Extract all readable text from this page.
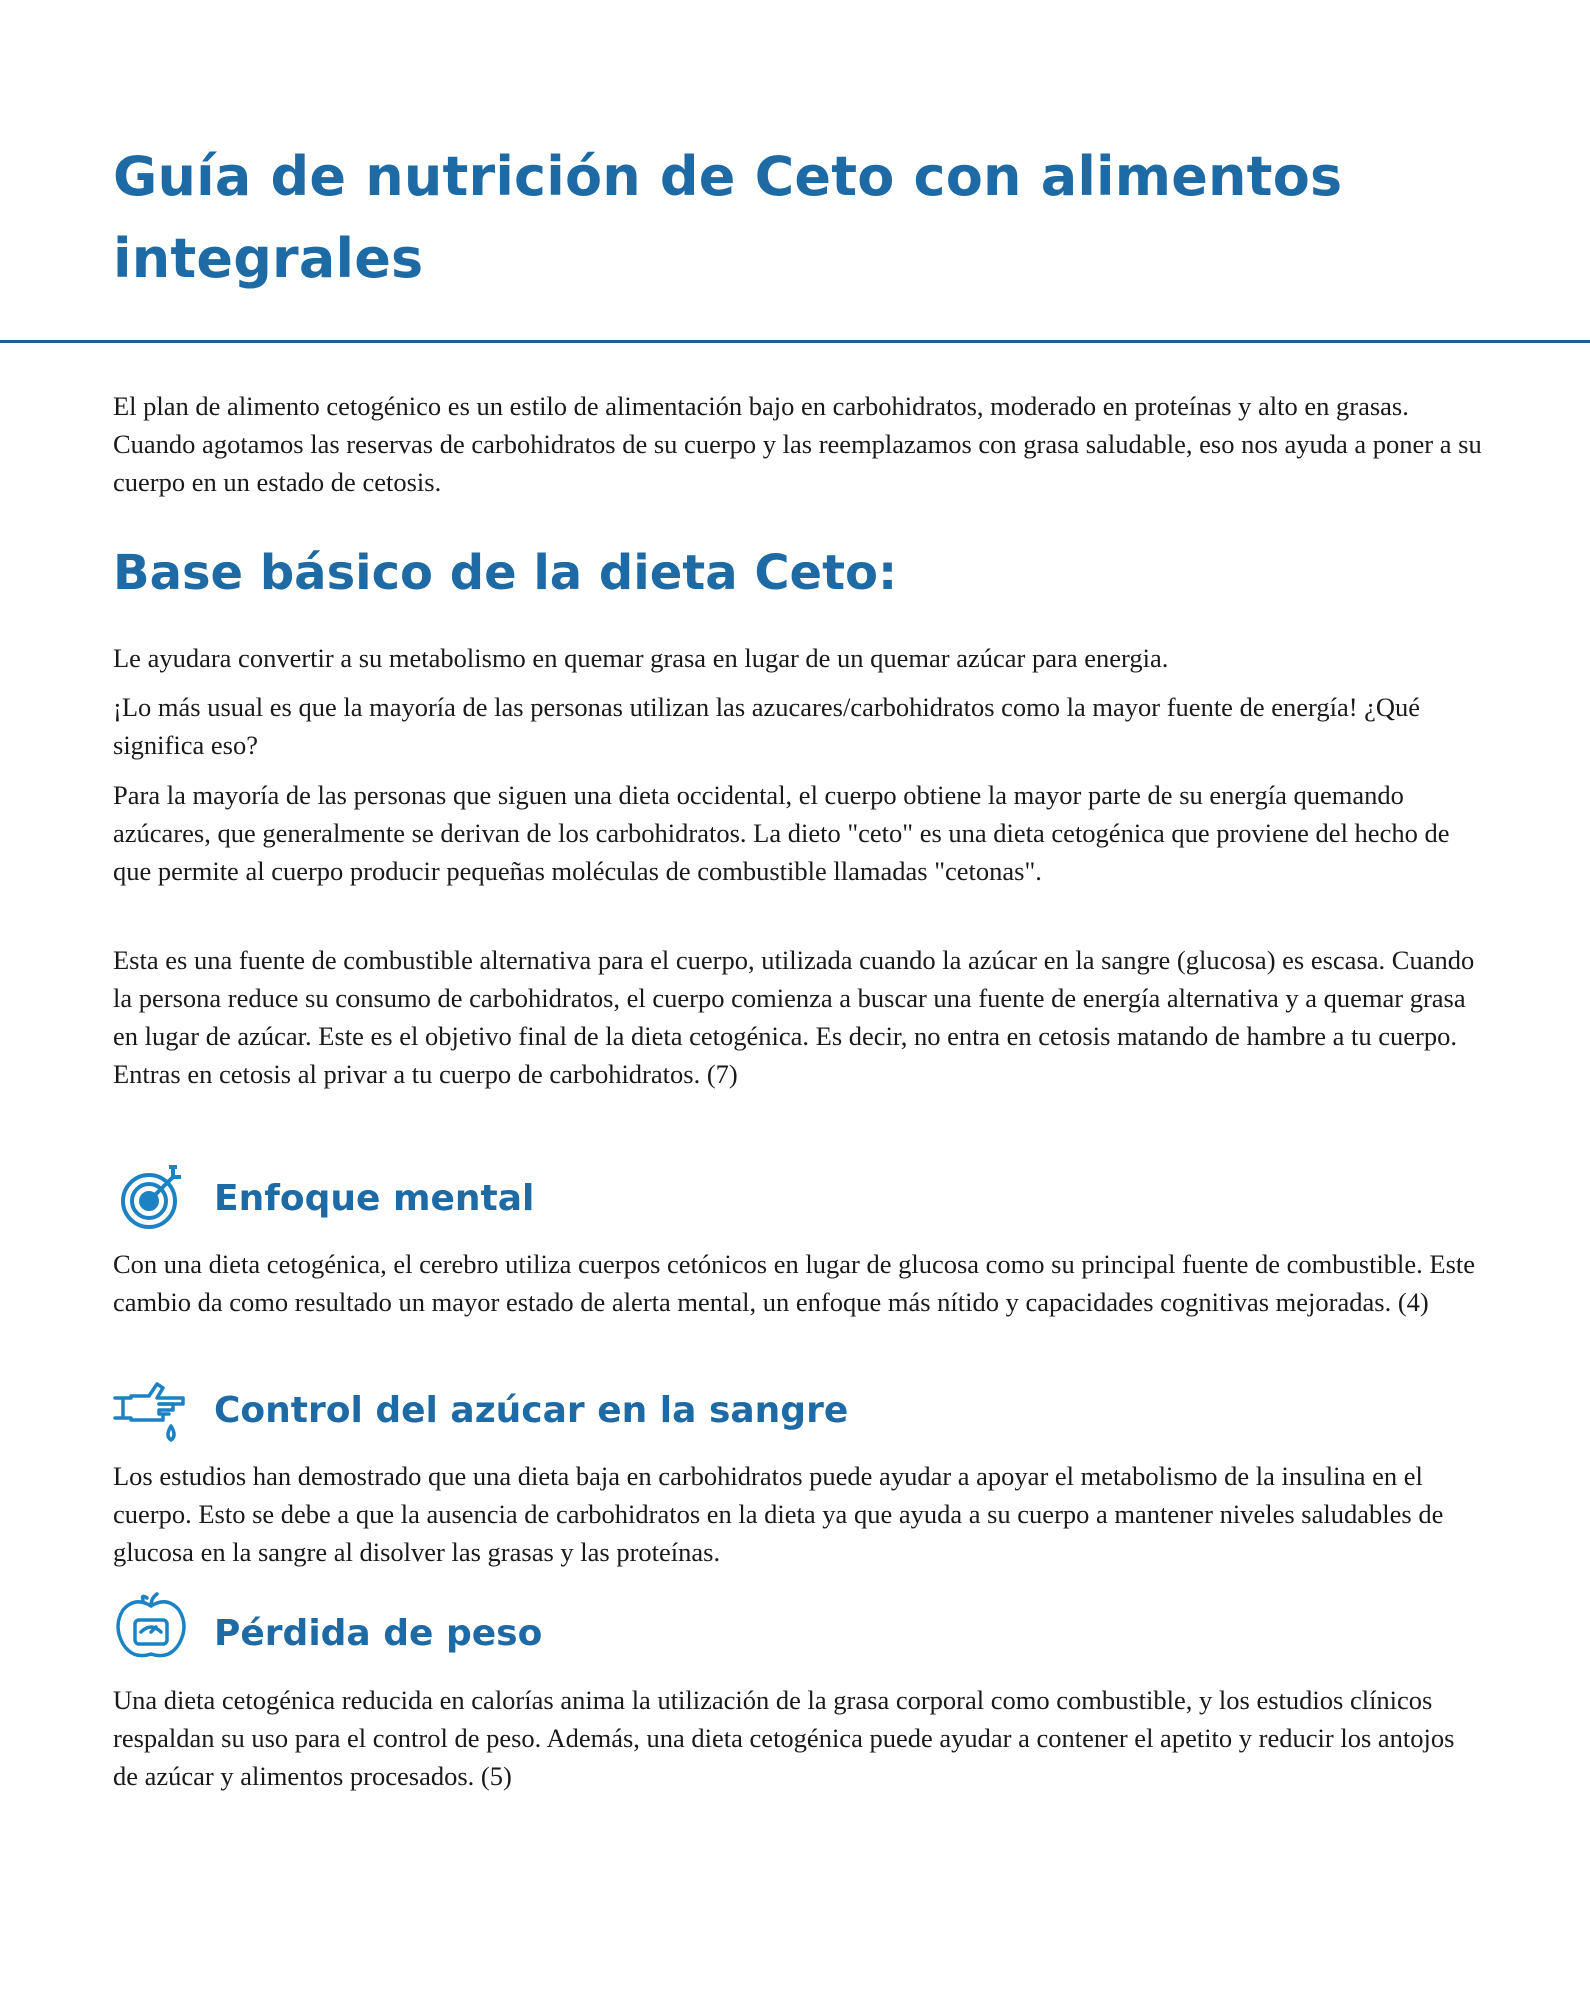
Guía de nutrición de Ceto con alimentos integrales

El plan de alimento cetogénico es un estilo de alimentación bajo en carbohidratos, moderado en proteínas y alto en grasas. Cuando agotamos las reservas de carbohidratos de su cuerpo y las reemplazamos con grasa saludable, eso nos ayuda a poner a su cuerpo en un estado de cetosis.

Base básico de la dieta Ceto:

Le ayudara convertir a su metabolismo en quemar grasa en lugar de un quemar azúcar para energia.

¡Lo más usual es que la mayoría de las personas utilizan las azucares/carbohidratos como la mayor fuente de energía! ¿Qué significa eso?

Para la mayoría de las personas que siguen una dieta occidental, el cuerpo obtiene la mayor parte de su energía quemando azúcares, que generalmente se derivan de los carbohidratos. La dieto "ceto" es una dieta cetogénica que proviene del hecho de que permite al cuerpo producir pequeñas moléculas de combustible llamadas "cetonas".

Esta es una fuente de combustible alternativa para el cuerpo, utilizada cuando la azúcar en la sangre (glucosa) es escasa. Cuando la persona reduce su consumo de carbohidratos, el cuerpo comienza a buscar una fuente de energía alternativa y a quemar grasa en lugar de azúcar. Este es el objetivo final de la dieta cetogénica. Es decir, no entra en cetosis matando de hambre a tu cuerpo. Entras en cetosis al privar a tu cuerpo de carbohidratos. (7)

Enfoque mental

Con una dieta cetogénica, el cerebro utiliza cuerpos cetónicos en lugar de glucosa como su principal fuente de combustible. Este cambio da como resultado un mayor estado de alerta mental, un enfoque más nítido y capacidades cognitivas mejoradas. (4)

Control del azúcar en la sangre

Los estudios han demostrado que una dieta baja en carbohidratos puede ayudar a apoyar el metabolismo de la insulina en el cuerpo. Esto se debe a que la ausencia de carbohidratos en la dieta ya que ayuda a su cuerpo a mantener niveles saludables de glucosa en la sangre al disolver las grasas y las proteínas.

Pérdida de peso

Una dieta cetogénica reducida en calorías anima la utilización de la grasa corporal como combustible, y los estudios clínicos respaldan su uso para el control de peso. Además, una dieta cetogénica puede ayudar a contener el apetito y reducir los antojos de azúcar y alimentos procesados. (5)
